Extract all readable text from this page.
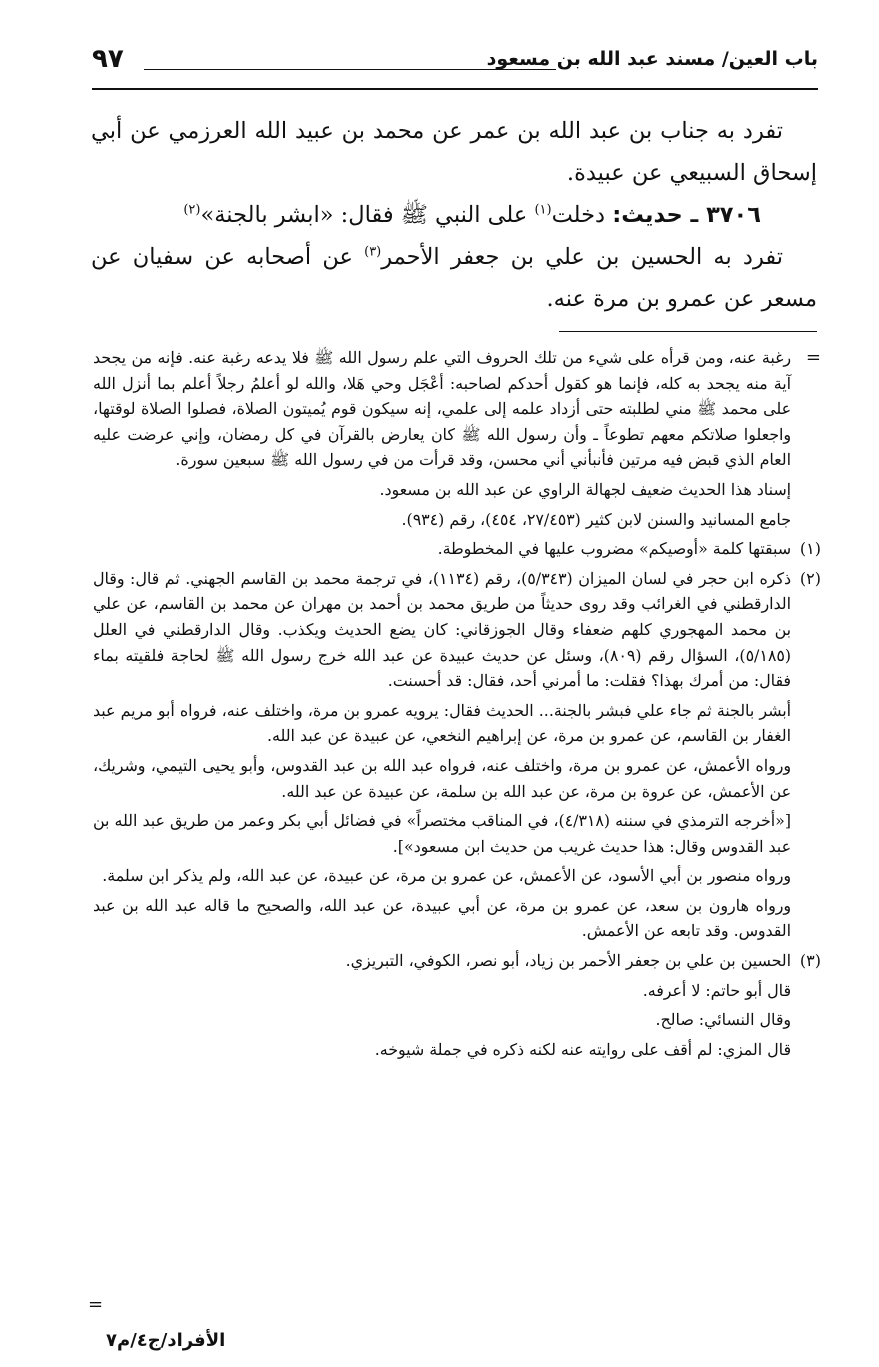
باب العين/ مسند عبد الله بن مسعود
٩٧

تفرد به جناب بن عبد الله بن عمر عن محمد بن عبيد الله العرزمي عن أبي إسحاق السبيعي عن عبيدة.

٣٧٠٦ ـ حديث: دخلت$^{(١)}$ على النبي ﷺ فقال: «ابشر بالجنة»$^{(٢)}$

تفرد به الحسين بن علي بن جعفر الأحمر$^{(٣)}$ عن أصحابه عن سفيان عن مسعر عن عمرو بن مرة عنه.

=

رغبة عنه، ومن قرأه على شيء من تلك الحروف التي علم رسول الله ﷺ فلا يدعه رغبة عنه. فإنه من يجحد آية منه يجحد به كله، فإنما هو كقول أحدكم لصاحبه: أعْجَل وحي هَلا، والله لو أعلمُ رجلاً أعلم بما أنزل الله على محمد ﷺ مني لطلبته حتى أزداد علمه إلى علمي، إنه سيكون قوم يُميتون الصلاة، فصلوا الصلاة لوقتها، واجعلوا صلاتكم معهم تطوعاً ـ وأن رسول الله ﷺ كان يعارض بالقرآن في كل رمضان، وإني عرضت عليه العام الذي قبض فيه مرتين فأنبأني أني محسن، وقد قرأت من في رسول الله ﷺ سبعين سورة.

إسناد هذا الحديث ضعيف لجهالة الراوي عن عبد الله بن مسعود.

جامع المسانيد والسنن لابن كثير (٢٧/٤٥٣، ٤٥٤)، رقم (٩٣٤).

(١)

سبقتها كلمة «أوصيكم» مضروب عليها في المخطوطة.

(٢)

ذكره ابن حجر في لسان الميزان (٥/٣٤٣)، رقم (١١٣٤)، في ترجمة محمد بن القاسم الجهني. ثم قال: وقال الدارقطني في الغرائب وقد روى حديثاً من طريق محمد بن أحمد بن مهران عن محمد بن القاسم، عن علي بن محمد المهجوري كلهم ضعفاء وقال الجوزقاني: كان يضع الحديث ويكذب. وقال الدارقطني في العلل (٥/١٨٥)، السؤال رقم (٨٠٩)، وسئل عن حديث عبيدة عن عبد الله خرج رسول الله ﷺ لحاجة فلقيته بماء فقال: من أمرك بهذا؟ فقلت: ما أمرني أحد، فقال: قد أحسنت.

أبشر بالجنة ثم جاء علي فبشر بالجنة... الحديث فقال: يرويه عمرو بن مرة، واختلف عنه، فرواه أبو مريم عبد الغفار بن القاسم، عن عمرو بن مرة، عن إبراهيم النخعي، عن عبيدة عن عبد الله.

ورواه الأعمش، عن عمرو بن مرة، واختلف عنه، فرواه عبد الله بن عبد القدوس، وأبو يحيى التيمي، وشريك، عن الأعمش، عن عروة بن مرة، عن عبد الله بن سلمة، عن عبيدة عن عبد الله.

[«أخرجه الترمذي في سننه (٤/٣١٨)، في المناقب مختصراً» في فضائل أبي بكر وعمر من طريق عبد الله بن عبد القدوس وقال: هذا حديث غريب من حديث ابن مسعود»].

ورواه منصور بن أبي الأسود، عن الأعمش، عن عمرو بن مرة، عن عبيدة، عن عبد الله، ولم يذكر ابن سلمة.

ورواه هارون بن سعد، عن عمرو بن مرة، عن أبي عبيدة، عن عبد الله، والصحيح ما قاله عبد الله بن عبد القدوس. وقد تابعه عن الأعمش.

(٣)

الحسين بن علي بن جعفر الأحمر بن زياد، أبو نصر، الكوفي، التبريزي.

قال أبو حاتم: لا أعرفه.

وقال النسائي: صالح.

قال المزي: لم أقف على روايته عنه لكنه ذكره في جملة شيوخه.

=
الأفراد/ج٤/م٧
